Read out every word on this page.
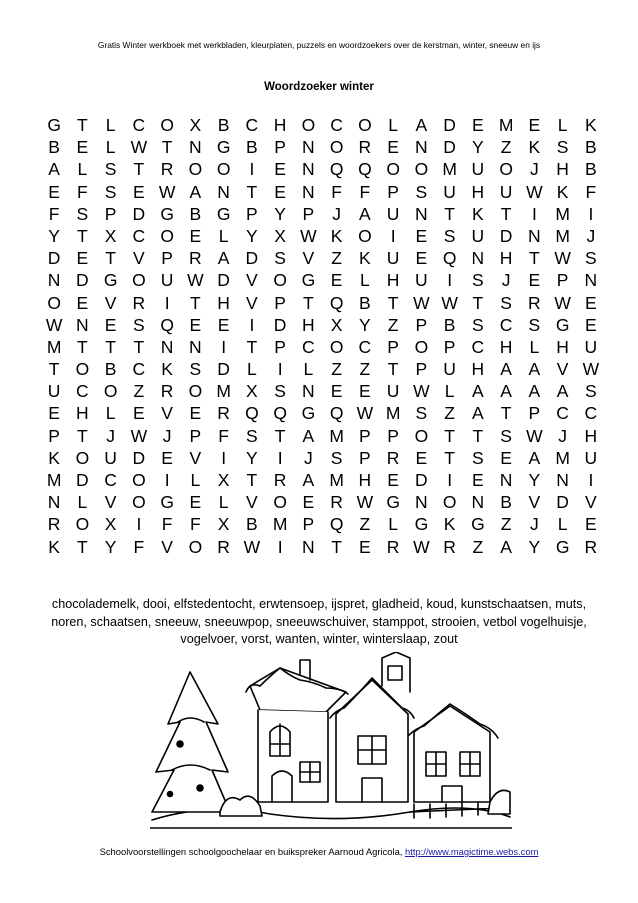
Gratis Winter werkboek met werkbladen, kleurplaten, puzzels en woordzoekers over de kerstman, winter, sneeuw en ijs
Woordzoeker winter
G T	L C O X B C H O C O L	A D E M E	L	K
B E	L W T N G B P N O R E N D Y Z K S B
A	L	S T R O O	I	E N Q Q O O M U O J	H B
E F S E W A N T E N F	F P S U H U W K F
F S P D G B G P Y P	J	A U N T K T	I	M	I
Y T X C O E	L	Y X W K O	I	E S U D N M J
D E T V P R A D S V Z K U E Q N H T W S
N D G O U W D V O G E	L H U	I	S	J	E P N
O E V R	I	T H V P T Q B T W W T S R W E
W N E S Q E E	I	D H X Y Z P B S C S G E
M T	T	T N N	I	T P C O C P O P C H L H U
T O B C K S D L	I	L	Z	Z	T P U H A A V W
U C O Z R O M X S N E E U W L	A A A A S
E H L	E V E R Q Q G Q W M S Z A T P C C
P T	J W J	P F S T A M P P O T	T S W J	H
K O U D E V	I	Y	I	J	S P R E T S E A M U
M D C O	I	L	X T R A M H E D	I	E N Y N	I
N L	V O G E	L	V O E R W G N O N B V D V
R O X	I	F	F X B M P Q Z	L G K G Z	J	L	E
K T Y F V O R W	I	N T E R W R Z A Y G R
chocolademelk, dooi, elfstedentocht, erwtensoep, ijspret, gladheid, koud, kunstschaatsen, muts, noren, schaatsen, sneeuw, sneeuwpop, sneeuwschuiver, stamppot, strooien, vetbol vogelhuisje, vogelvoer, vorst, wanten, winter, winterslaap, zout
Schoolvoorstellingen schoolgoochelaar en buikspreker Aarnoud Agricola, http://www.magictime.webs.com
